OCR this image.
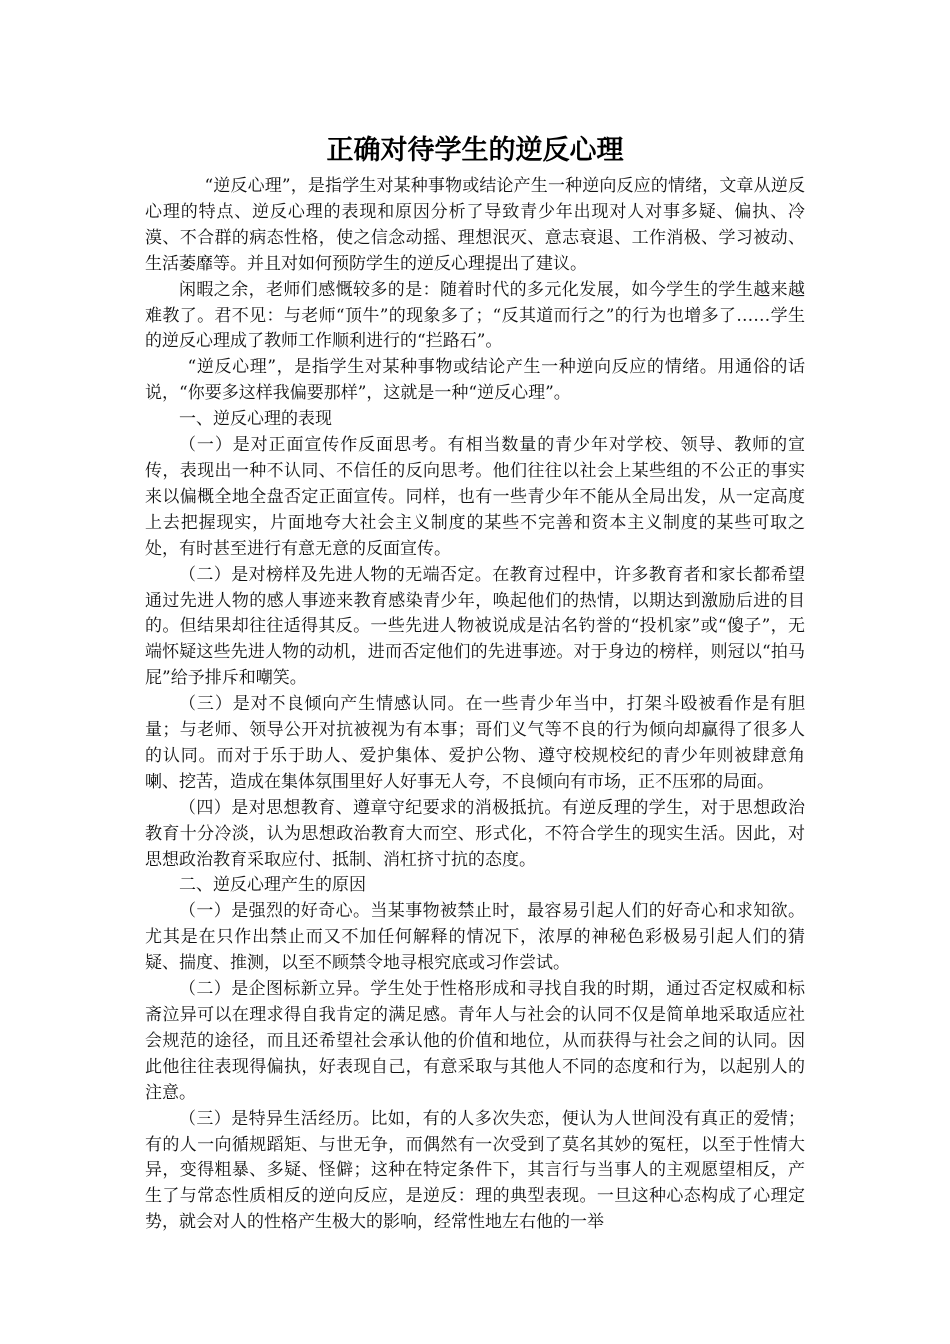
正确对待学生的逆反心理

“逆反心理”，是指学生对某种事物或结论产生一种逆向反应的情绪，文章从逆反心理的特点、逆反心理的表现和原因分析了导致青少年出现对人对事多疑、偏执、冷漠、不合群的病态性格，使之信念动摇、理想泯灭、意志衰退、工作消极、学习被动、生活萎靡等。并且对如何预防学生的逆反心理提出了建议。

闲暇之余，老师们感慨较多的是：随着时代的多元化发展，如今学生的学生越来越难教了。君不见：与老师“顶牛”的现象多了；“反其道而行之”的行为也增多了……学生的逆反心理成了教师工作顺利进行的“拦路石”。

“逆反心理”，是指学生对某种事物或结论产生一种逆向反应的情绪。用通俗的话说，“你要多这样我偏要那样”，这就是一种“逆反心理”。

一、逆反心理的表现

（一）是对正面宣传作反面思考。有相当数量的青少年对学校、领导、教师的宣传，表现出一种不认同、不信任的反向思考。他们往往以社会上某些组的不公正的事实来以偏概全地全盘否定正面宣传。同样，也有一些青少年不能从全局出发，从一定高度上去把握现实，片面地夸大社会主义制度的某些不完善和资本主义制度的某些可取之处，有时甚至进行有意无意的反面宣传。

（二）是对榜样及先进人物的无端否定。在教育过程中，许多教育者和家长都希望通过先进人物的感人事迹来教育感染青少年，唤起他们的热情，以期达到激励后进的目的。但结果却往往适得其反。一些先进人物被说成是沽名钓誉的“投机家”或“傻子”，无端怀疑这些先进人物的动机，进而否定他们的先进事迹。对于身边的榜样，则冠以“拍马屁”给予排斥和嘲笑。

（三）是对不良倾向产生情感认同。在一些青少年当中，打架斗殴被看作是有胆量；与老师、领导公开对抗被视为有本事；哥们义气等不良的行为倾向却赢得了很多人的认同。而对于乐于助人、爱护集体、爱护公物、遵守校规校纪的青少年则被肆意角喇、挖苦，造成在集体氛围里好人好事无人夸，不良倾向有市场，正不压邪的局面。

（四）是对思想教育、遵章守纪要求的消极抵抗。有逆反理的学生，对于思想政治教育十分冷淡，认为思想政治教育大而空、形式化，不符合学生的现实生活。因此，对思想政治教育采取应付、抵制、消杠挤寸抗的态度。

二、逆反心理产生的原因

（一）是强烈的好奇心。当某事物被禁止时，最容易引起人们的好奇心和求知欲。尤其是在只作出禁止而又不加任何解释的情况下，浓厚的神秘色彩极易引起人们的猜疑、揣度、推测，以至不顾禁令地寻根究底或习作尝试。

（二）是企图标新立异。学生处于性格形成和寻找自我的时期，通过否定权威和标斋泣异可以在理求得自我肯定的满足感。青年人与社会的认同不仅是简单地采取适应社会规范的途径，而且还希望社会承认他的价值和地位，从而获得与社会之间的认同。因此他往往表现得偏执，好表现自己，有意采取与其他人不同的态度和行为，以起别人的注意。

（三）是特异生活经历。比如，有的人多次失恋，便认为人世间没有真正的爱情；有的人一向循规蹈矩、与世无争，而偶然有一次受到了莫名其妙的冤枉，以至于性情大异，变得粗暴、多疑、怪僻；这种在特定条件下，其言行与当事人的主观愿望相反，产生了与常态性质相反的逆向反应，是逆反：理的典型表现。一旦这种心态构成了心理定势，就会对人的性格产生极大的影响，经常性地左右他的一举
